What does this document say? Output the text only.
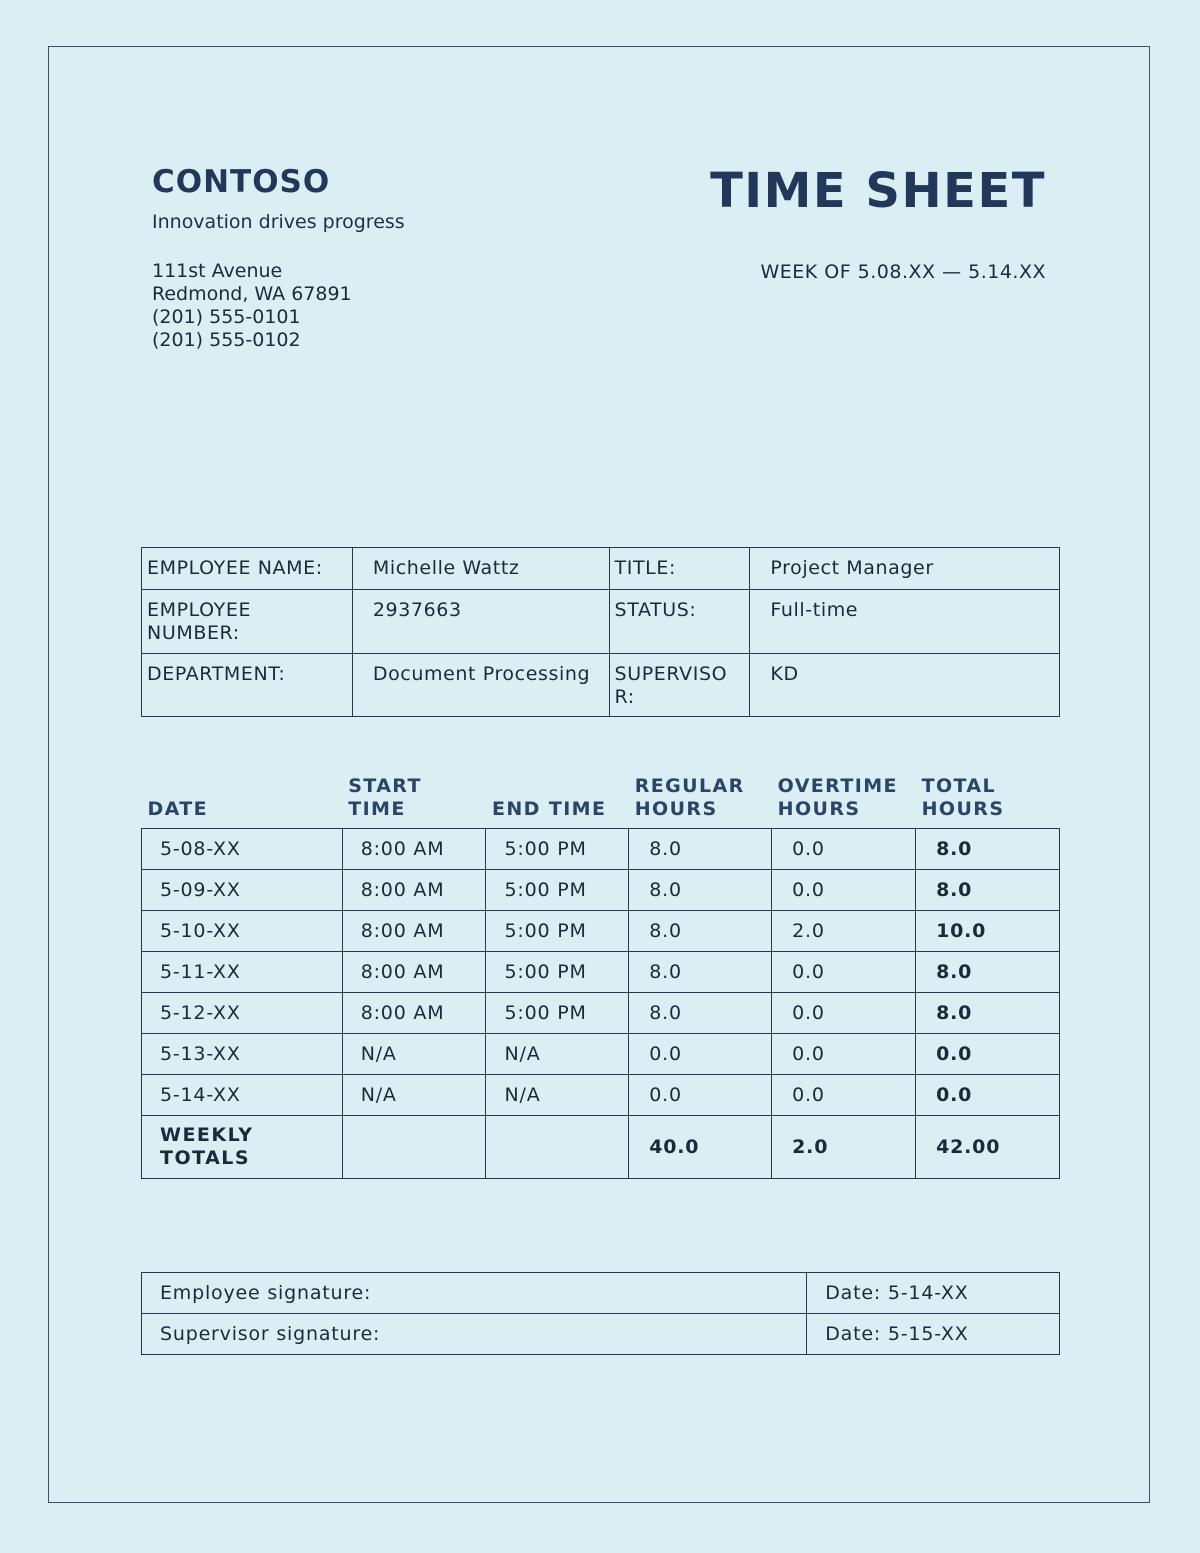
CONTOSO
Innovation drives progress
111st Avenue
Redmond, WA 67891
(201) 555-0101
(201) 555-0102
TIME SHEET
WEEK OF 5.08.XX — 5.14.XX
EMPLOYEE NAME:	Michelle Wattz	TITLE:	Project Manager
EMPLOYEE NUMBER:	2937663	STATUS:	Full-time
DEPARTMENT:	Document Processing	SUPERVISOR:	KD
DATE	START TIME	END TIME	REGULAR HOURS	OVERTIME HOURS	TOTAL HOURS
5-08-XX	8:00 AM	5:00 PM	8.0	0.0	8.0
5-09-XX	8:00 AM	5:00 PM	8.0	0.0	8.0
5-10-XX	8:00 AM	5:00 PM	8.0	2.0	10.0
5-11-XX	8:00 AM	5:00 PM	8.0	0.0	8.0
5-12-XX	8:00 AM	5:00 PM	8.0	0.0	8.0
5-13-XX	N/A	N/A	0.0	0.0	0.0
5-14-XX	N/A	N/A	0.0	0.0	0.0
WEEKLY TOTALS			40.0	2.0	42.00
Employee signature:	Date: 5-14-XX
Supervisor signature:	Date: 5-15-XX
